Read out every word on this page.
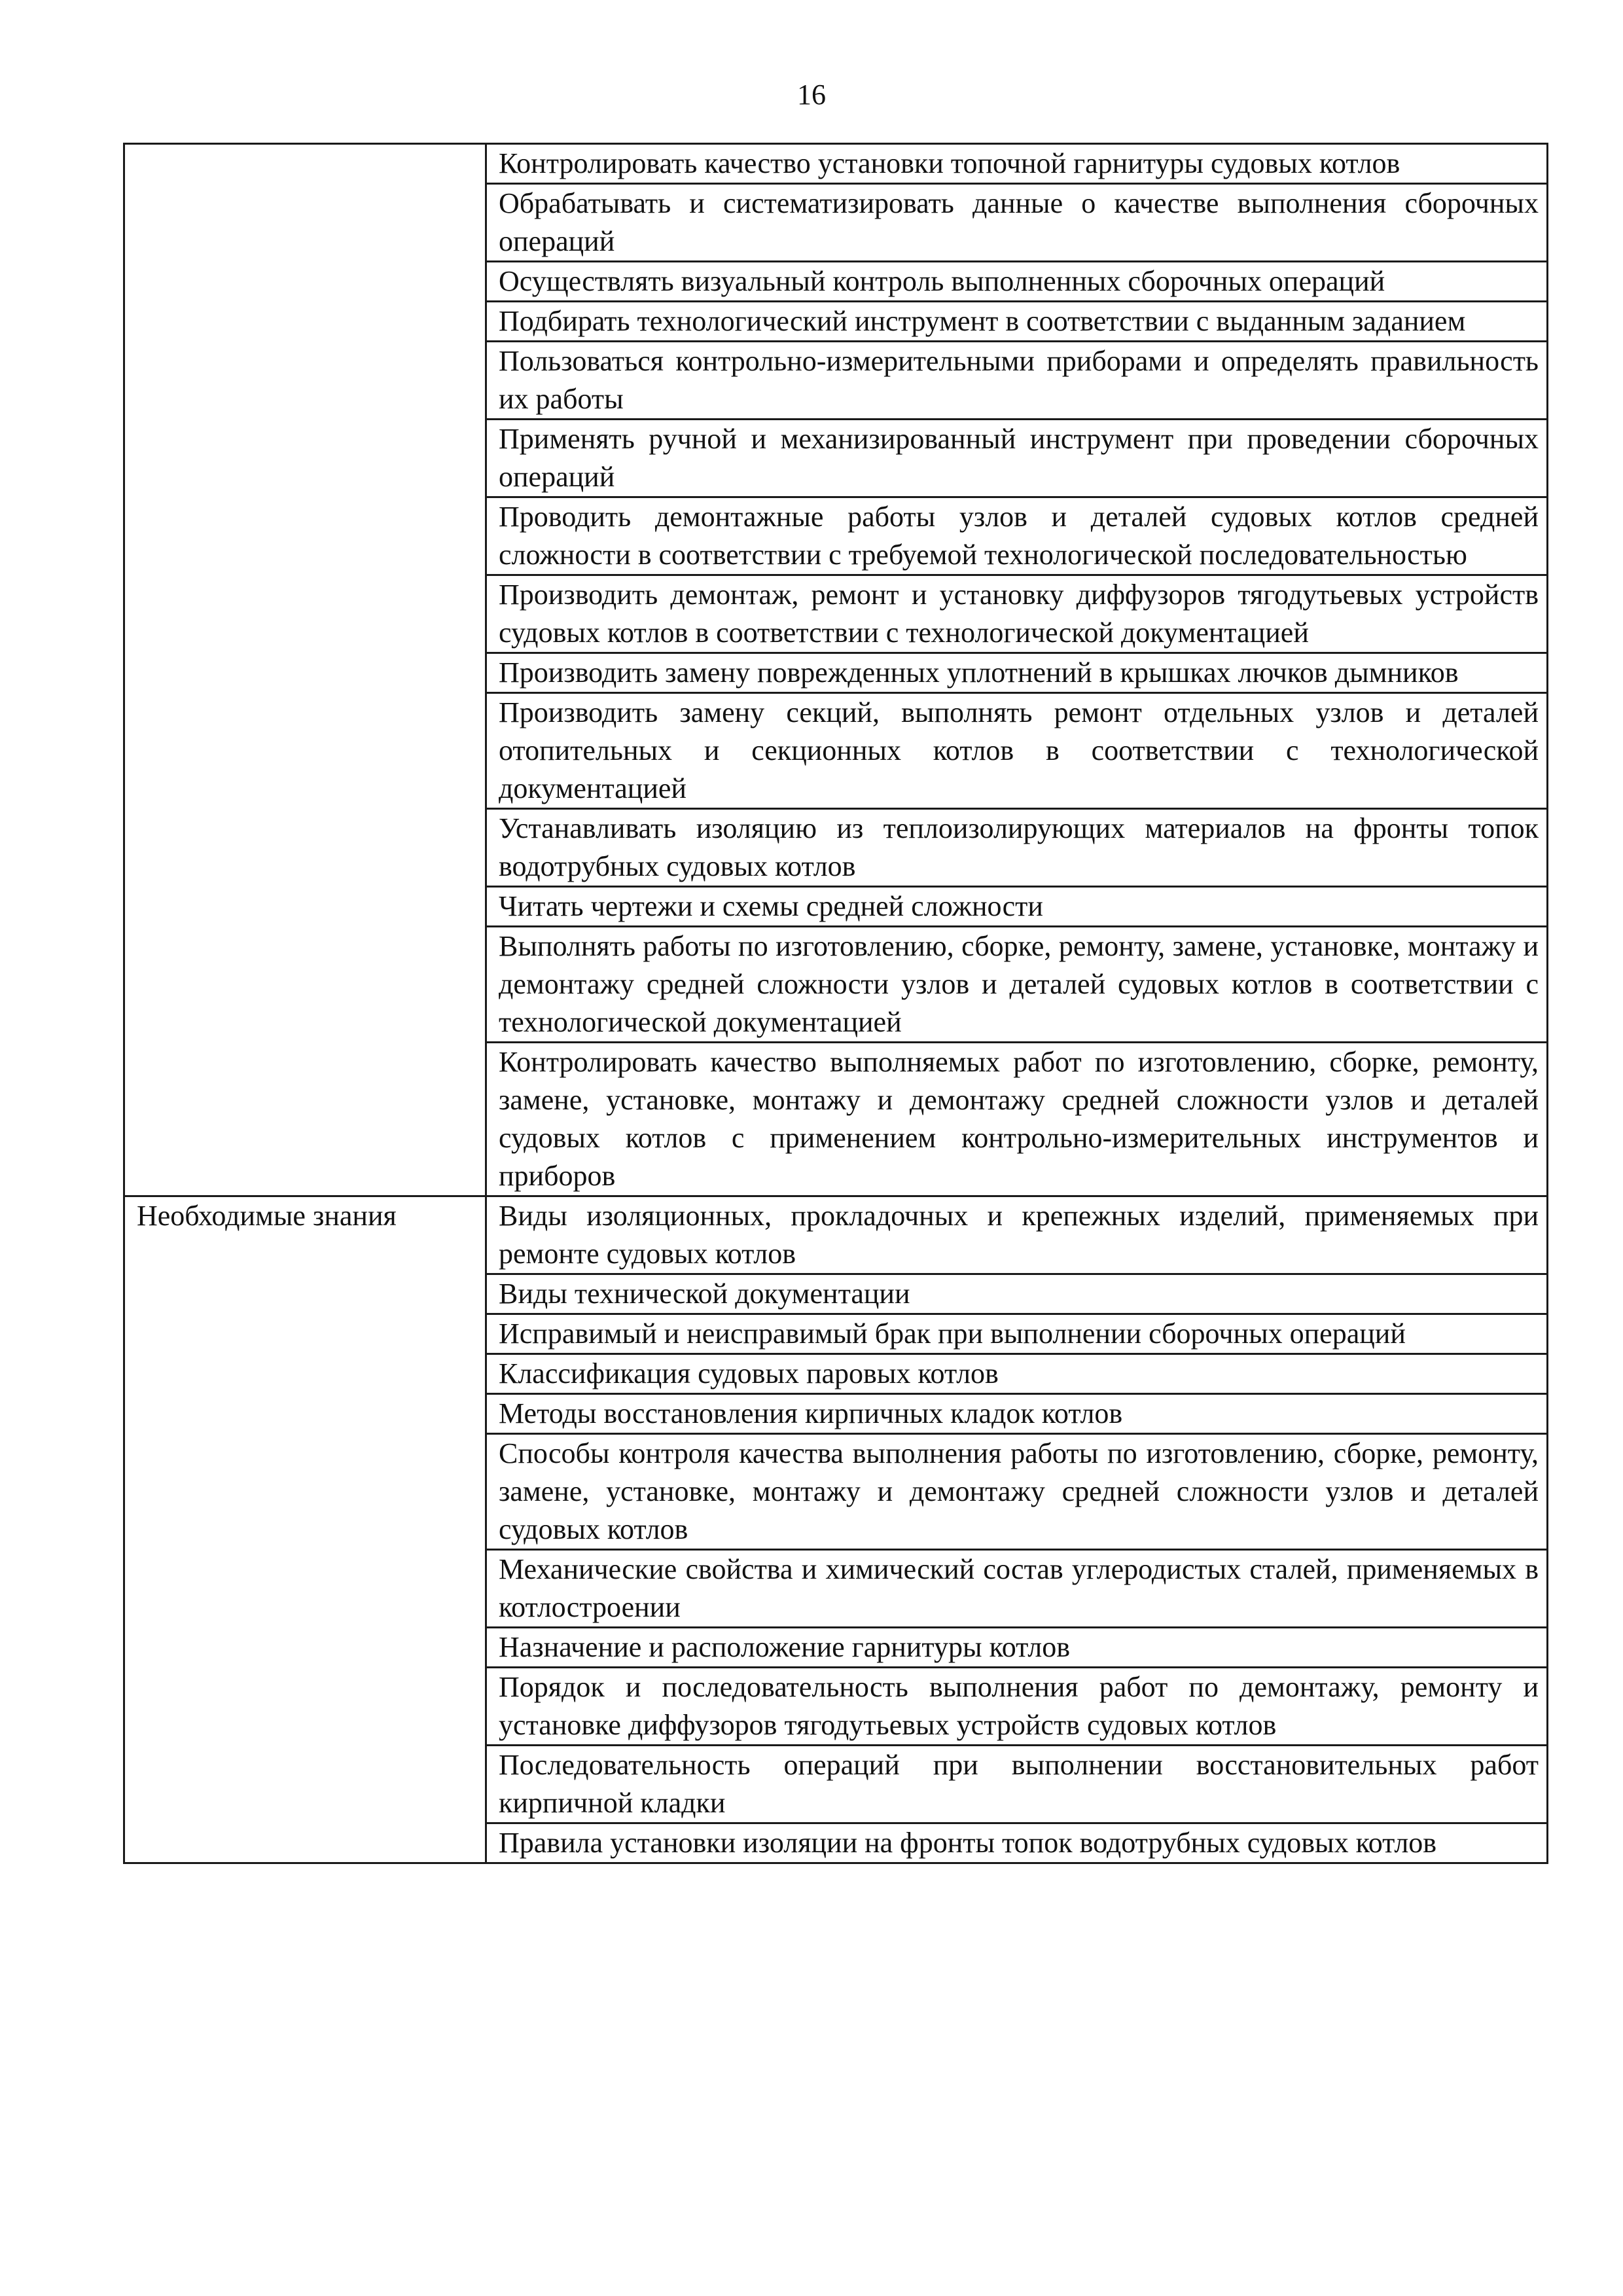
16
	Контролировать качество установки топочной гарнитуры судовых котлов
	Обрабатывать и систематизировать данные о качестве выполнения сборочных операций
	Осуществлять визуальный контроль выполненных сборочных операций
	Подбирать технологический инструмент в соответствии с выданным заданием
	Пользоваться контрольно-измерительными приборами и определять правильность их работы
	Применять ручной и механизированный инструмент при проведении сборочных операций
	Проводить демонтажные работы узлов и деталей судовых котлов средней сложности в соответствии с требуемой технологической последовательностью
	Производить демонтаж, ремонт и установку диффузоров тягодутьевых устройств судовых котлов в соответствии с технологической документацией
	Производить замену поврежденных уплотнений в крышках лючков дымников
	Производить замену секций, выполнять ремонт отдельных узлов и деталей отопительных и секционных котлов в соответствии с технологической документацией
	Устанавливать изоляцию из теплоизолирующих материалов на фронты топок водотрубных судовых котлов
	Читать чертежи и схемы средней сложности
	Выполнять работы по изготовлению, сборке, ремонту, замене, установке, монтажу и демонтажу средней сложности узлов и деталей судовых котлов в соответствии с технологической документацией
	Контролировать качество выполняемых работ по изготовлению, сборке, ремонту, замене, установке, монтажу и демонтажу средней сложности узлов и деталей судовых котлов с применением контрольно-измерительных инструментов и приборов
Необходимые знания	Виды изоляционных, прокладочных и крепежных изделий, применяемых при ремонте судовых котлов
	Виды технической документации
	Исправимый и неисправимый брак при выполнении сборочных операций
	Классификация судовых паровых котлов
	Методы восстановления кирпичных кладок котлов
	Способы контроля качества выполнения работы по изготовлению, сборке, ремонту, замене, установке, монтажу и демонтажу средней сложности узлов и деталей судовых котлов
	Механические свойства и химический состав углеродистых сталей, применяемых в котлостроении
	Назначение и расположение гарнитуры котлов
	Порядок и последовательность выполнения работ по демонтажу, ремонту и установке диффузоров тягодутьевых устройств судовых котлов
	Последовательность операций при выполнении восстановительных работ кирпичной кладки
	Правила установки изоляции на фронты топок водотрубных судовых котлов
